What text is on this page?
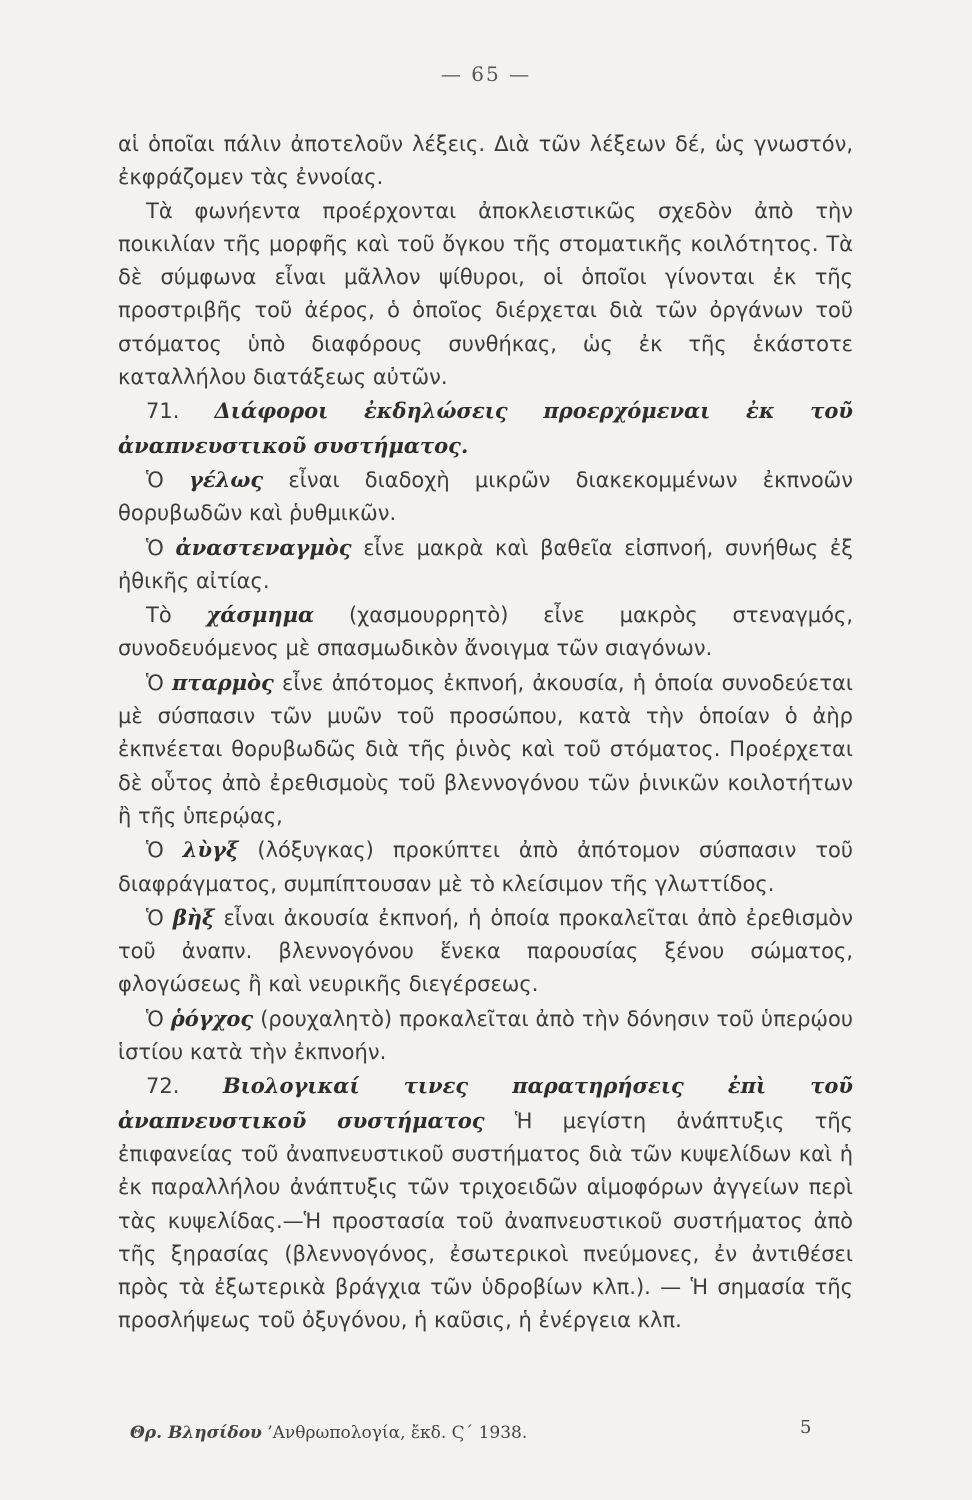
— 65 —

αἱ ὁποῖαι πάλιν ἀποτελοῦν λέξεις. Διὰ τῶν λέξεων δέ, ὡς γνωστόν, ἐκφράζομεν τὰς ἐννοίας.

Τὰ φωνήεντα προέρχονται ἀποκλειστικῶς σχεδὸν ἀπὸ τὴν ποικιλίαν τῆς μορφῆς καὶ τοῦ ὄγκου τῆς στοματικῆς κοιλότητος. Τὰ δὲ σύμφωνα εἶναι μᾶλλον ψίθυροι, οἱ ὁποῖοι γίνονται ἐκ τῆς προστριβῆς τοῦ ἀέρος, ὁ ὁποῖος διέρχεται διὰ τῶν ὀργάνων τοῦ στόματος ὑπὸ διαφόρους συνθήκας, ὡς ἐκ τῆς ἑκάστοτε καταλλήλου διατάξεως αὐτῶν.

71. Διάφοροι ἐκδηλώσεις προερχόμεναι ἐκ τοῦ ἀναπνευστικοῦ συστήματος.

Ὁ γέλως εἶναι διαδοχὴ μικρῶν διακεκομμένων ἐκπνοῶν θορυβωδῶν καὶ ῥυθμικῶν.

Ὁ ἀναστεναγμὸς εἶνε μακρὰ καὶ βαθεῖα εἰσπνοή, συνήθως ἐξ ἠθικῆς αἰτίας.

Τὸ χάσμημα (χασμουρρητὸ) εἶνε μακρὸς στεναγμός, συνοδευόμενος μὲ σπασμωδικὸν ἄνοιγμα τῶν σιαγόνων.

Ὁ πταρμὸς εἶνε ἀπότομος ἐκπνοή, ἀκουσία, ἡ ὁποία συνοδεύεται μὲ σύσπασιν τῶν μυῶν τοῦ προσώπου, κατὰ τὴν ὁποίαν ὁ ἀὴρ ἐκπνέεται θορυβωδῶς διὰ τῆς ῥινὸς καὶ τοῦ στόματος. Προέρχεται δὲ οὗτος ἀπὸ ἐρεθισμοὺς τοῦ βλεννογόνου τῶν ῥινικῶν κοιλοτήτων ἢ τῆς ὑπερῴας,

Ὁ λὺγξ (λόξυγκας) προκύπτει ἀπὸ ἀπότομον σύσπασιν τοῦ διαφράγματος, συμπίπτουσαν μὲ τὸ κλείσιμον τῆς γλωττίδος.

Ὁ βὴξ εἶναι ἀκουσία ἐκπνοή, ἡ ὁποία προκαλεῖται ἀπὸ ἐρεθισμὸν τοῦ ἀναπν. βλεννογόνου ἕνεκα παρουσίας ξένου σώματος, φλογώσεως ἢ καὶ νευρικῆς διεγέρσεως.

Ὁ ῥόγχος (ρουχαλητὸ) προκαλεῖται ἀπὸ τὴν δόνησιν τοῦ ὑπερῴου ἱστίου κατὰ τὴν ἐκπνοήν.

72. Βιολογικαί τινες παρατηρήσεις ἐπὶ τοῦ ἀναπνευστικοῦ συστήματος Ἡ μεγίστη ἀνάπτυξις τῆς ἐπιφανείας τοῦ ἀναπνευστικοῦ συστήματος διὰ τῶν κυψελίδων καὶ ἡ ἐκ παραλλήλου ἀνάπτυξις τῶν τριχοειδῶν αἱμοφόρων ἀγγείων περὶ τὰς κυψελίδας.—Ἡ προστασία τοῦ ἀναπνευστικοῦ συστήματος ἀπὸ τῆς ξηρασίας (βλεννογόνος, ἐσωτερικοὶ πνεύμονες, ἐν ἀντιθέσει πρὸς τὰ ἐξωτερικὰ βράγχια τῶν ὑδροβίων κλπ.). — Ἡ σημασία τῆς προσλήψεως τοῦ ὀξυγόνου, ἡ καῦσις, ἡ ἐνέργεια κλπ.

Θρ. Βλησίδου ’Ανθρωπολογία, ἔκδ. Ϛ΄ 1938.	5
